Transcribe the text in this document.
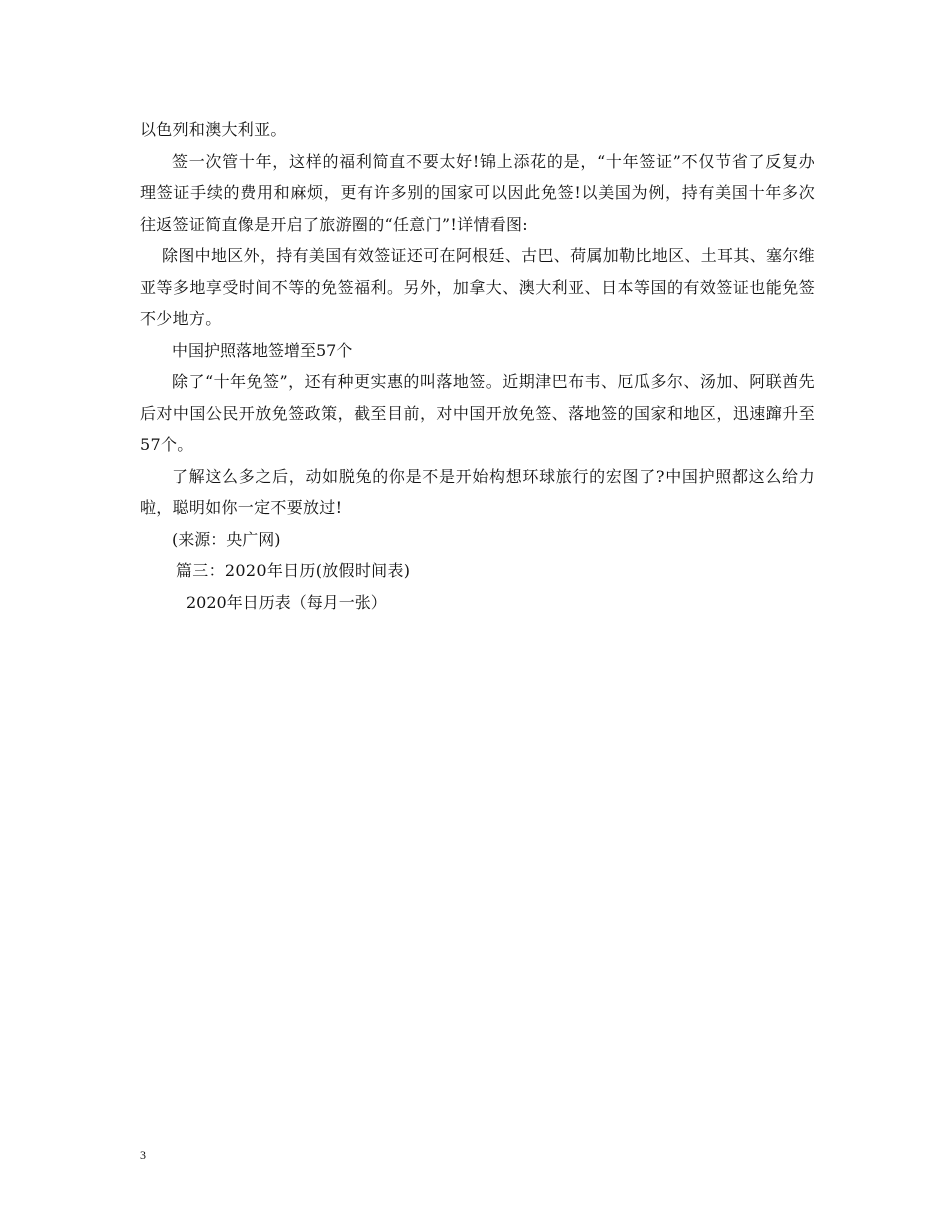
以色列和澳大利亚。

签一次管十年，这样的福利简直不要太好!锦上添花的是，“十年签证”不仅节省了反复办理签证手续的费用和麻烦，更有许多别的国家可以因此免签!以美国为例，持有美国十年多次往返签证简直像是开启了旅游圈的“任意门”!详情看图:

除图中地区外，持有美国有效签证还可在阿根廷、古巴、荷属加勒比地区、土耳其、塞尔维亚等多地享受时间不等的免签福利。另外，加拿大、澳大利亚、日本等国的有效签证也能免签不少地方。

中国护照落地签增至57个

除了“十年免签”，还有种更实惠的叫落地签。近期津巴布韦、厄瓜多尔、汤加、阿联酋先后对中国公民开放免签政策，截至目前，对中国开放免签、落地签的国家和地区，迅速蹿升至57个。

了解这么多之后，动如脱兔的你是不是开始构想环球旅行的宏图了?中国护照都这么给力啦，聪明如你一定不要放过!

(来源：央广网)

篇三：2020年日历(放假时间表)

2020年日历表（每月一张）

3
